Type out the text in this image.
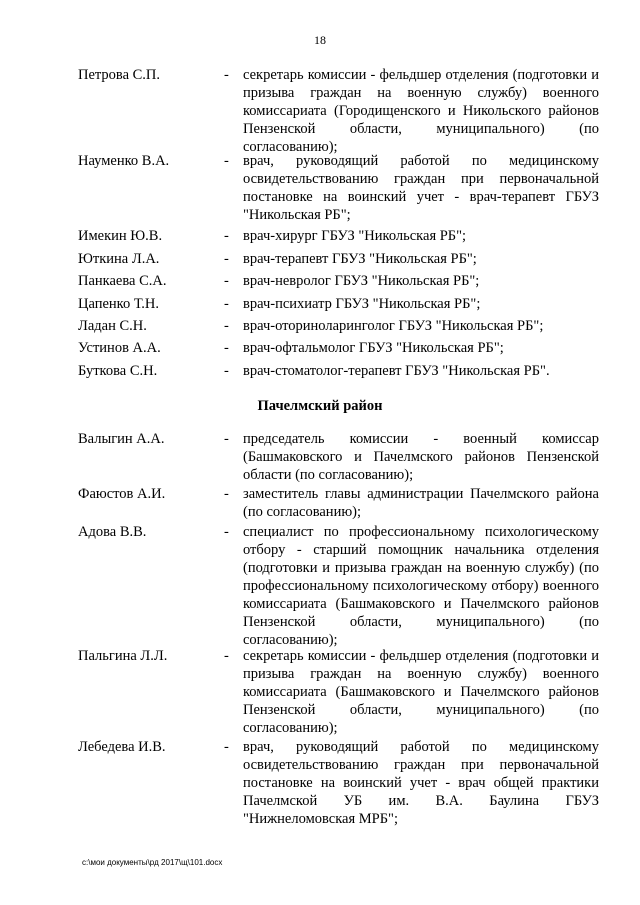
18
Петрова С.П.	- секретарь комиссии - фельдшер отделения (подготовки и призыва граждан на военную службу) военного комиссариата (Городищенского и Никольского районов Пензенской области, муниципального) (по согласованию);
Науменко В.А.	- врач, руководящий работой по медицинскому освидетельствованию граждан при первоначальной постановке на воинский учет - врач-терапевт ГБУЗ "Никольская РБ";
Имекин Ю.В.	- врач-хирург ГБУЗ "Никольская РБ";
Юткина Л.А.	- врач-терапевт ГБУЗ "Никольская РБ";
Панкаева С.А.	- врач-невролог ГБУЗ "Никольская РБ";
Цапенко Т.Н.	- врач-психиатр ГБУЗ "Никольская РБ";
Ладан С.Н.	- врач-оториноларинголог ГБУЗ "Никольская РБ";
Устинов А.А.	- врач-офтальмолог ГБУЗ "Никольская РБ";
Буткова С.Н.	- врач-стоматолог-терапевт ГБУЗ "Никольская РБ".
Пачелмский район
Валыгин А.А.	- председатель комиссии - военный комиссар (Башмаковского и Пачелмского районов Пензенской области (по согласованию);
Фаюстов А.И.	- заместитель главы администрации Пачелмского района (по согласованию);
Адова В.В.	- специалист по профессиональному психологическому отбору - старший помощник начальника отделения (подготовки и призыва граждан на военную службу) (по профессиональному психологическому отбору) военного комиссариата (Башмаковского и Пачелмского районов Пензенской области, муниципального) (по согласованию);
Пальгина Л.Л.	- секретарь комиссии - фельдшер отделения (подготовки и призыва граждан на военную службу) военного комиссариата (Башмаковского и Пачелмского районов Пензенской области, муниципального) (по согласованию);
Лебедева И.В.	- врач, руководящий работой по медицинскому освидетельствованию граждан при первоначальной постановке на воинский учет - врач общей практики Пачелмской УБ им. В.А. Баулина ГБУЗ "Нижнеломовская МРБ";
c:\мои документы\pд 2017\щ\101.docx
